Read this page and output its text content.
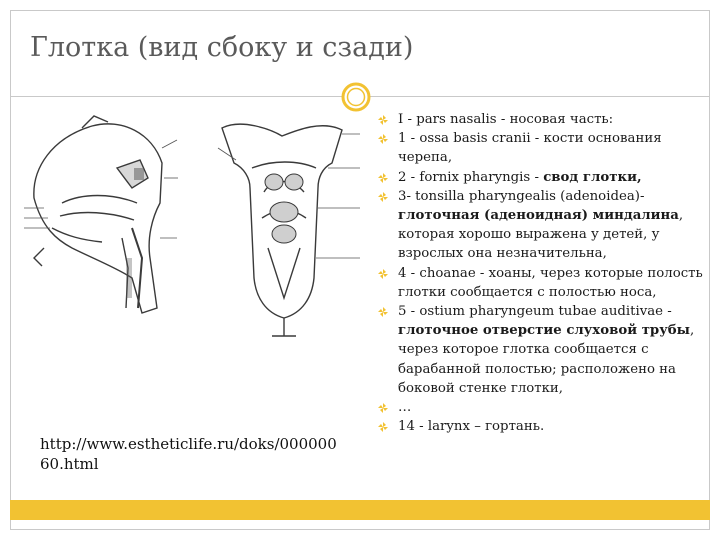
Глотка (вид сбоку и сзади)
http://www.estheticlife.ru/doks/00000060.html
I - pars nasalis - носовая часть:
1 - ossa basis cranii - кости основания черепа,
2 - fornix pharyngis - свод глотки,
3- tonsilla pharyngealis (adenoidea)- глоточная (аденоидная) миндалина, которая хорошо выражена у детей, у взрослых она незначительна,
4 - choanae - хоаны, через которые полость глотки сообщается с полостью носа,
5 - ostium pharyngeum tubae auditivae - глоточное отверстие слуховой трубы, через которое глотка сообщается с барабанной полостью; расположено на боковой стенке глотки,
…
14 - larynx – гортань.
